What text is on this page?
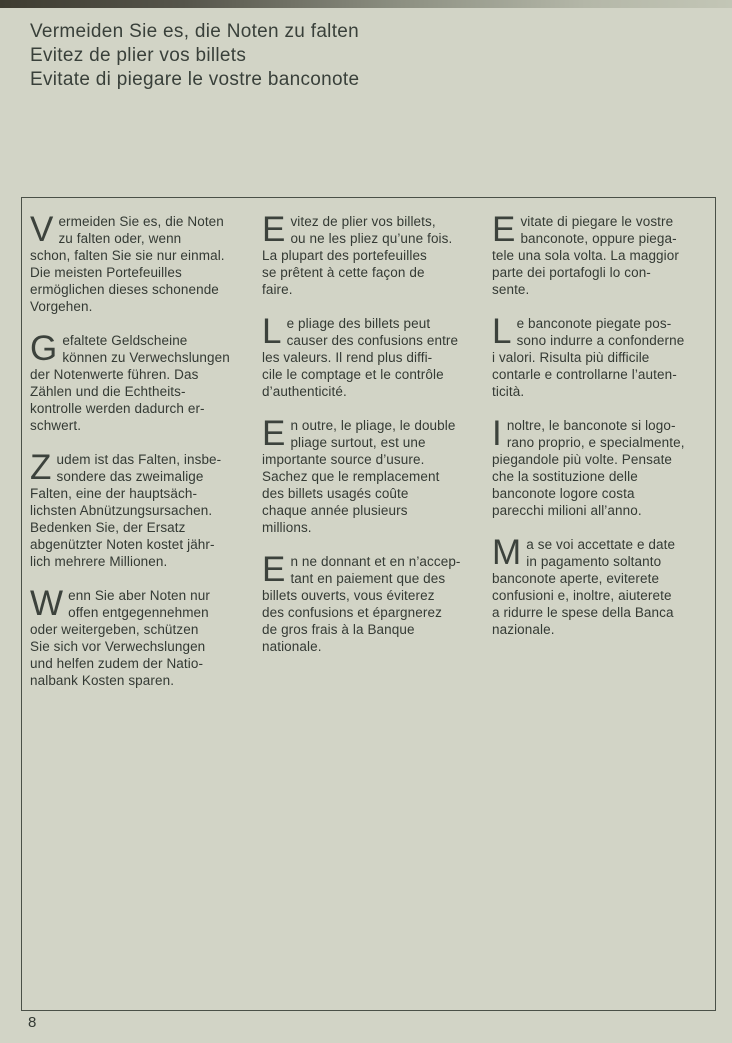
Vermeiden Sie es, die Noten zu falten
Evitez de plier vos billets
Evitate di piegare le vostre banconote
V ermeiden Sie es, die Noten
zu falten oder, wenn
schon, falten Sie sie nur einmal.
Die meisten Portefeuilles
ermöglichen dieses schonende
Vorgehen.
G efaltete Geldscheine
können zu Verwechslungen
der Notenwerte führen. Das
Zählen und die Echtheits-
kontrolle werden dadurch er-
schwert.
Z udem ist das Falten, insbe-
sondere das zweimalige
Falten, eine der hauptsäch-
lichsten Abnützungsursachen.
Bedenken Sie, der Ersatz
abgenützter Noten kostet jähr-
lich mehrere Millionen.
W enn Sie aber Noten nur
offen entgegennehmen
oder weitergeben, schützen
Sie sich vor Verwechslungen
und helfen zudem der Natio-
nalbank Kosten sparen.
E vitez de plier vos billets,
ou ne les pliez qu’une fois.
La plupart des portefeuilles
se prêtent à cette façon de
faire.
L e pliage des billets peut
causer des confusions entre
les valeurs. Il rend plus diffi-
cile le comptage et le contrôle
d’authenticité.
E n outre, le pliage, le double
pliage surtout, est une
importante source d’usure.
Sachez que le remplacement
des billets usagés coûte
chaque année plusieurs
millions.
E n ne donnant et en n’accep-
tant en paiement que des
billets ouverts, vous éviterez
des confusions et épargnerez
de gros frais à la Banque
nationale.
E vitate di piegare le vostre
banconote, oppure piega-
tele una sola volta. La maggior
parte dei portafogli lo con-
sente.
L e banconote piegate pos-
sono indurre a confonderne
i valori. Risulta più difficile
contarle e controllarne l’auten-
ticità.
I noltre, le banconote si logo-
rano proprio, e specialmente,
piegandole più volte. Pensate
che la sostituzione delle
banconote logore costa
parecchi milioni all’anno.
M a se voi accettate e date
in pagamento soltanto
banconote aperte, eviterete
confusioni e, inoltre, aiuterete
a ridurre le spese della Banca
nazionale.
8
